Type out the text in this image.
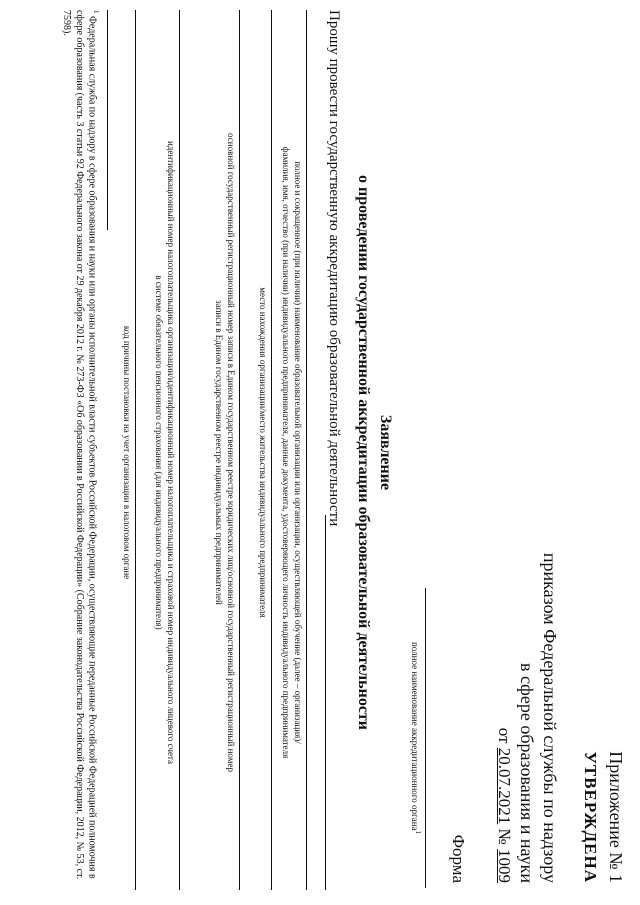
Приложение № 1
УТВЕРЖДЕНА
приказом Федеральной службы по надзору
в сфере образования и науки
от 20.07.2021 № 1009
Форма
полное наименование аккредитационного органа$^1$
Заявление
о проведении государственной аккредитации образовательной деятельности
Прошу провести государственную аккредитацию образовательной деятельности
полное и сокращенное (при наличии) наименование образовательной организации или организации, осуществляющей обучение (далее – организация)/
фамилия, имя, отчество (при наличии) индивидуального предпринимателя, данные документа, удостоверяющего личность индивидуального предпринимателя
место нахождения организации/место жительства индивидуального предпринимателя
основной государственный регистрационный номер записи в Едином государственном реестре юридических лиц/основной государственный регистрационный номер
записи в Едином государственном реестре индивидуальных предпринимателей
идентификационный номер налогоплательщика организации/идентификационный номер налогоплательщика и страховой номер индивидуального лицевого счета
в системе обязательного пенсионного страхования (для индивидуального предпринимателя)
код причины постановки на учет организации в налоговом органе
$^1$ Федеральная служба по надзору в сфере образования и науки или органы исполнительной власти субъектов Российской Федерации, осуществляющие переданные Российской Федерацией полномочия в сфере образования (часть 3 статьи 92 Федерального закона от 29 декабря 2012 г. № 273-ФЗ «Об образовании в Российской Федерации» (Собрание законодательства Российской Федерации, 2012, № 53, ст. 7598).
